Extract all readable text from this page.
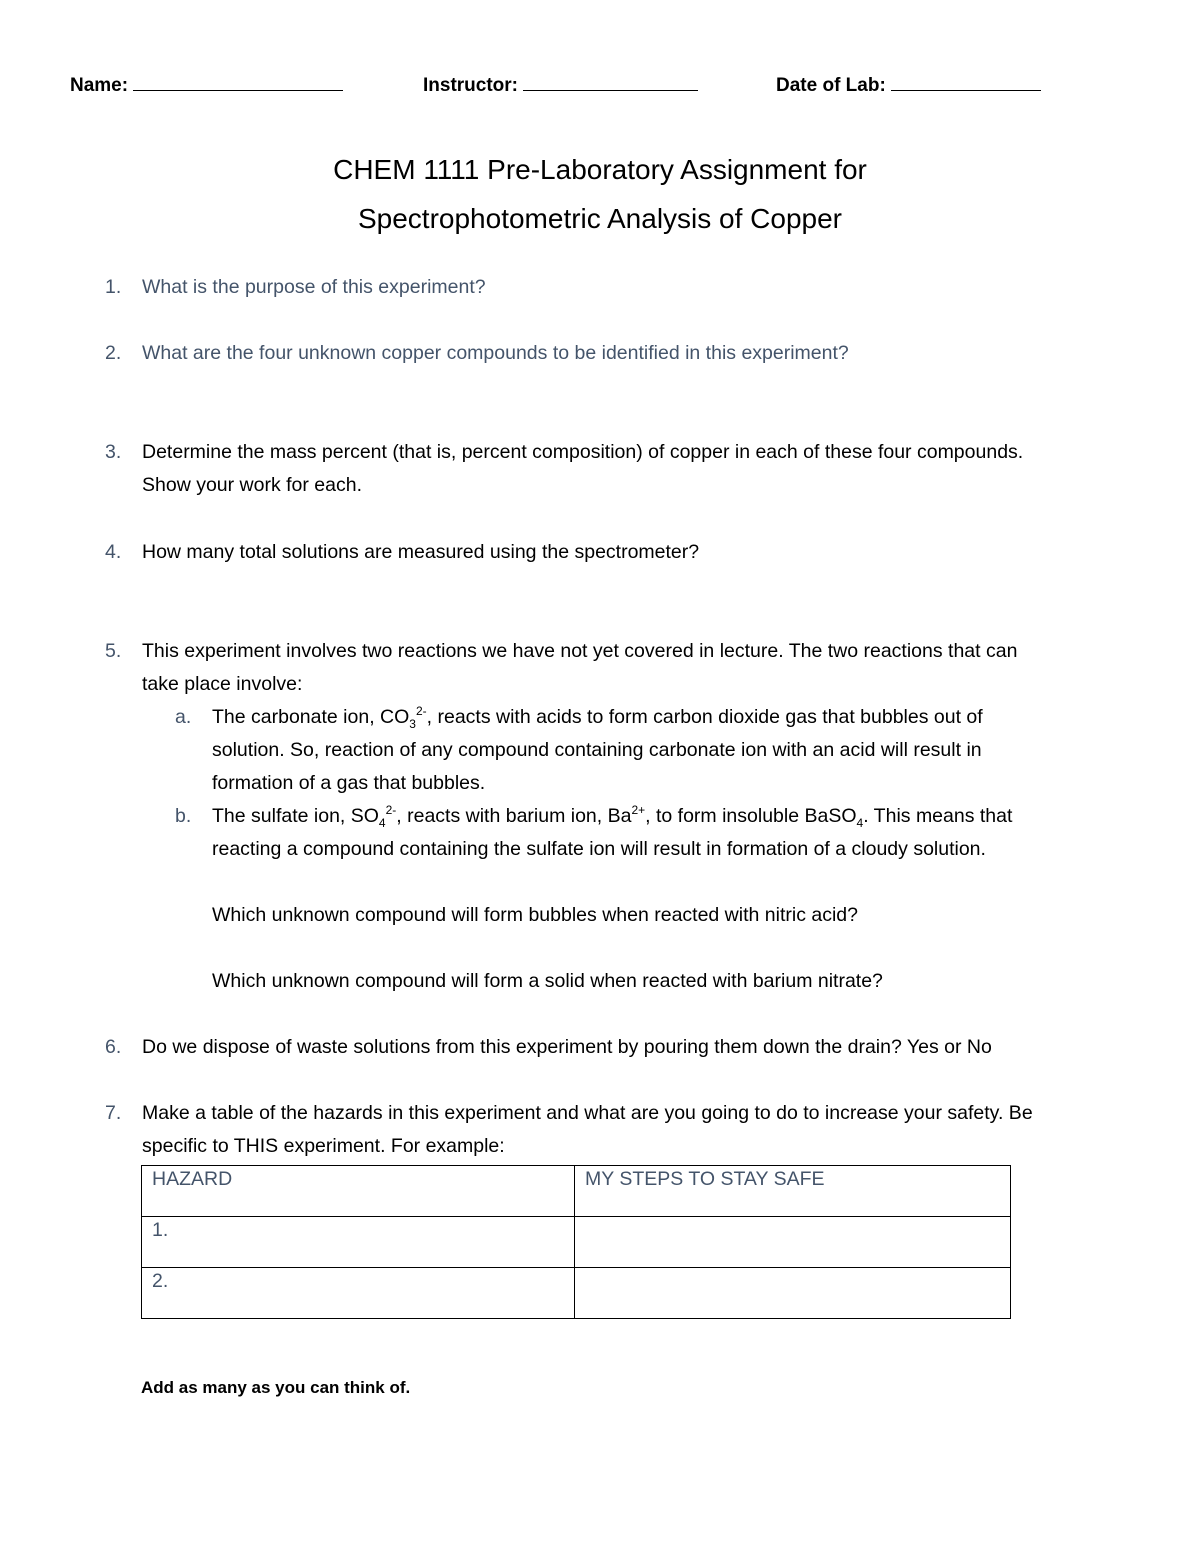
Name:	Instructor:	Date of Lab:
CHEM 1111 Pre-Laboratory Assignment for
Spectrophotometric Analysis of Copper
1.	What is the purpose of this experiment?
2.	What are the four unknown copper compounds to be identified in this experiment?
3.	Determine the mass percent (that is, percent composition) of copper in each of these four compounds.
Show your work for each.
4.	How many total solutions are measured using the spectrometer?
5.	This experiment involves two reactions we have not yet covered in lecture. The two reactions that can
take place involve:
a. The carbonate ion, $CO_3^{2-}$, reacts with acids to form carbon dioxide gas that bubbles out of
solution. So, reaction of any compound containing carbonate ion with an acid will result in
formation of a gas that bubbles.
b. The sulfate ion, $SO_4^{2-}$, reacts with barium ion, $Ba^{2+}$, to form insoluble BaSO$_4$. This means that
reacting a compound containing the sulfate ion will result in formation of a cloudy solution.
Which unknown compound will form bubbles when reacted with nitric acid?
Which unknown compound will form a solid when reacted with barium nitrate?
6.	Do we dispose of waste solutions from this experiment by pouring them down the drain? Yes or No
7.	Make a table of the hazards in this experiment and what are you going to do to increase your safety. Be
specific to THIS experiment. For example:
HAZARD	MY STEPS TO STAY SAFE
1.	
2.	
Add as many as you can think of.
